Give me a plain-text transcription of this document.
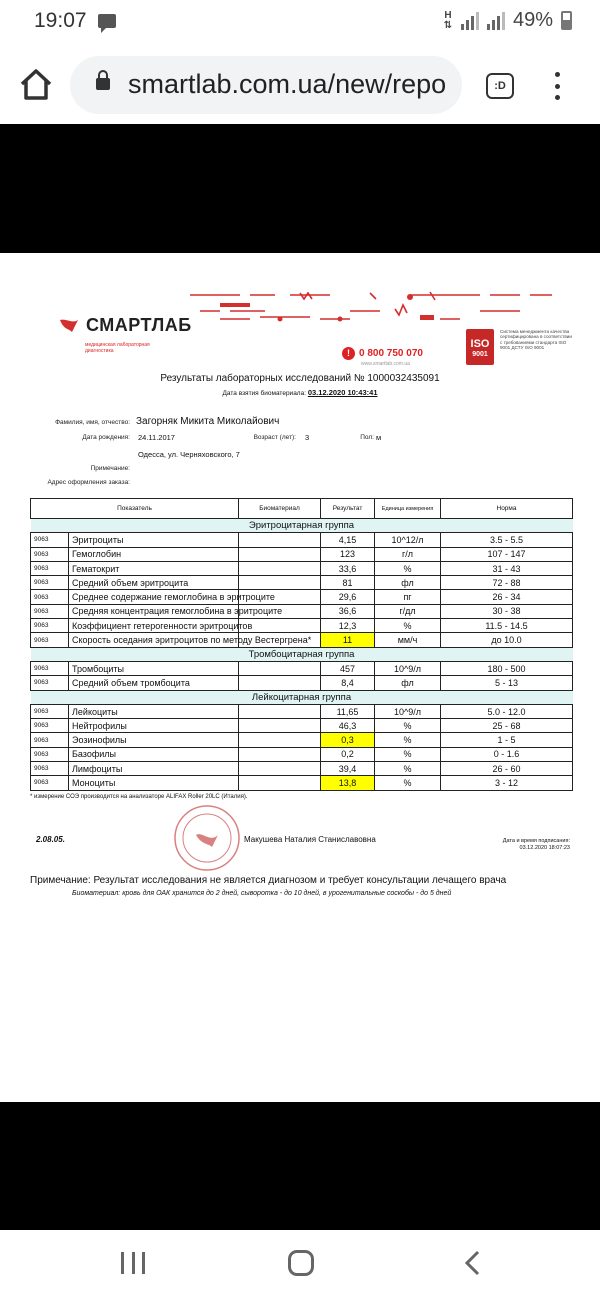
19:07	H
⇅	49%
smartlab.com.ua/new/repo	:D
СМАРТЛАБ
медицинская лабораторная диагностика	! 0 800 750 070
www.smartlab.com.ua
ISO
9001
Система менеджмента качества сертифицирована в соответствии с требованиями стандарта ISO 9001 ДСТУ ISO 9001
Результаты лабораторных исследований № 1000032435091
Дата взятия биоматериала: 03.12.2020 10:43:41
Фамилия, имя, отчество: Загорняк Микита Миколайович
Дата рождения: 24.11.2017	Возраст (лет): 3	Пол: м
Одесса, ул. Черняховского, 7
Примечание:
Адрес оформления заказа:
Показатель		Биоматериал	Результат	Единица измерения	Норма
Эритроцитарная группа					
9063	Эритроциты		4,15	10^12/л	3.5 - 5.5
9063	Гемоглобин		123	г/л	107 - 147
9063	Гематокрит		33,6	%	31 - 43
9063	Средний объем эритроцита		81	фл	72 - 88
9063	Среднее содержание гемоглобина в эритроците		29,6	пг	26 - 34
9063	Средняя концентрация гемоглобина в эритроците		36,6	г/дл	30 - 38
9063	Коэффициент гетерогенности эритроцитов		12,3	%	11.5 - 14.5
9063	Скорость оседания эритроцитов по методу Вестергрена*		11	мм/ч	до 10.0
Тромбоцитарная группа					
9063	Тромбоциты		457	10^9/л	180 - 500
9063	Средний объем тромбоцита		8,4	фл	5 - 13
Лейкоцитарная группа					
9063	Лейкоциты		11,65	10^9/л	5.0 - 12.0
9063	Нейтрофилы		46,3	%	25 - 68
9063	Эозинофилы		0,3	%	1 - 5
9063	Базофилы		0,2	%	0 - 1.6
9063	Лимфоциты		39,4	%	26 - 60
9063	Моноциты		13,8	%	3 - 12
* измерение СОЭ производится на анализаторе ALIFAX Roller 20LC (Италия).
2.08.05.	Макушева Наталия Станиславовна	Дата и время подписания:
03.12.2020 18:07:23
Примечание: Результат исследования не является диагнозом и требует консультации лечащего врача
Биоматериал: кровь для ОАК хранится до 2 дней, сыворотка - до 10 дней, в урогенитальные соскобы - до 5 дней
